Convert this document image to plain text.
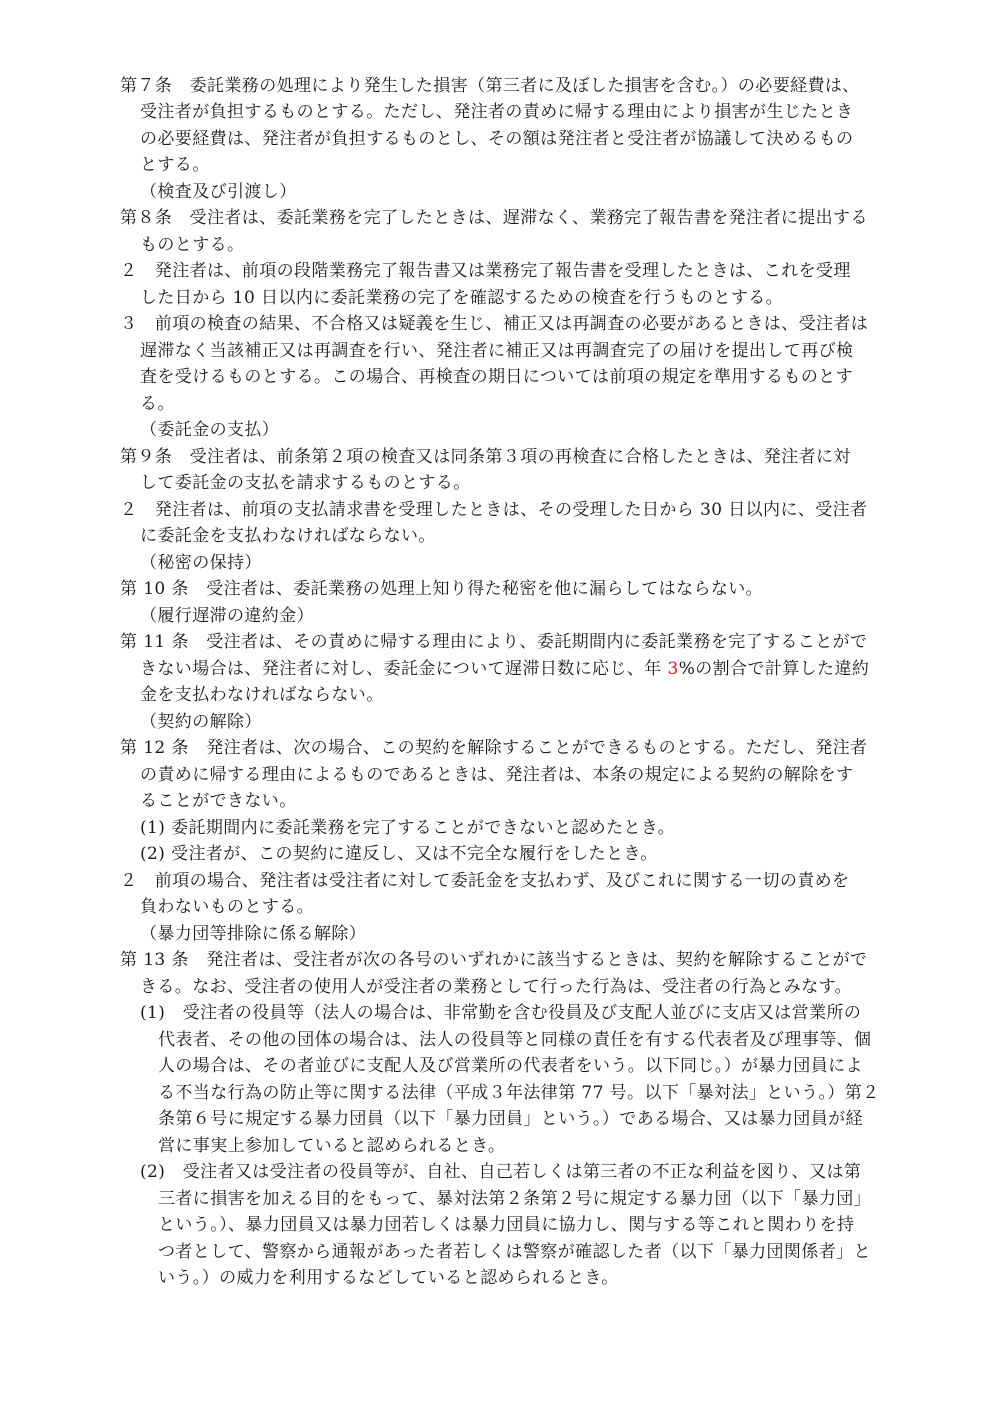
第７条　委託業務の処理により発生した損害（第三者に及ぼした損害を含む。）の必要経費は、
受注者が負担するものとする。ただし、発注者の責めに帰する理由により損害が生じたとき
の必要経費は、発注者が負担するものとし、その額は発注者と受注者が協議して決めるもの
とする。
（検査及び引渡し）
第８条　受注者は、委託業務を完了したときは、遅滞なく、業務完了報告書を発注者に提出する
ものとする。
２　発注者は、前項の段階業務完了報告書又は業務完了報告書を受理したときは、これを受理
した日から 10 日以内に委託業務の完了を確認するための検査を行うものとする。
３　前項の検査の結果、不合格又は疑義を生じ、補正又は再調査の必要があるときは、受注者は
遅滞なく当該補正又は再調査を行い、発注者に補正又は再調査完了の届けを提出して再び検
査を受けるものとする。この場合、再検査の期日については前項の規定を準用するものとす
る。
（委託金の支払）
第９条　受注者は、前条第２項の検査又は同条第３項の再検査に合格したときは、発注者に対
して委託金の支払を請求するものとする。
２　発注者は、前項の支払請求書を受理したときは、その受理した日から 30 日以内に、受注者
に委託金を支払わなければならない。
（秘密の保持）
第 10 条　受注者は、委託業務の処理上知り得た秘密を他に漏らしてはならない。
（履行遅滞の違約金）
第 11 条　受注者は、その責めに帰する理由により、委託期間内に委託業務を完了することがで
きない場合は、発注者に対し、委託金について遅滞日数に応じ、年 3%の割合で計算した違約
金を支払わなければならない。
（契約の解除）
第 12 条　発注者は、次の場合、この契約を解除することができるものとする。ただし、発注者
の責めに帰する理由によるものであるときは、発注者は、本条の規定による契約の解除をす
ることができない。
(1) 委託期間内に委託業務を完了することができないと認めたとき。
(2) 受注者が、この契約に違反し、又は不完全な履行をしたとき。
２　前項の場合、発注者は受注者に対して委託金を支払わず、及びこれに関する一切の責めを
負わないものとする。
（暴力団等排除に係る解除）
第 13 条　発注者は、受注者が次の各号のいずれかに該当するときは、契約を解除することがで
きる。なお、受注者の使用人が受注者の業務として行った行為は、受注者の行為とみなす。
(1)　受注者の役員等（法人の場合は、非常勤を含む役員及び支配人並びに支店又は営業所の
代表者、その他の団体の場合は、法人の役員等と同様の責任を有する代表者及び理事等、個
人の場合は、その者並びに支配人及び営業所の代表者をいう。以下同じ。）が暴力団員によ
る不当な行為の防止等に関する法律（平成３年法律第 77 号。以下「暴対法」という。）第２
条第６号に規定する暴力団員（以下「暴力団員」という。）である場合、又は暴力団員が経
営に事実上参加していると認められるとき。
(2)　受注者又は受注者の役員等が、自社、自己若しくは第三者の不正な利益を図り、又は第
三者に損害を加える目的をもって、暴対法第２条第２号に規定する暴力団（以下「暴力団」
という。）、暴力団員又は暴力団若しくは暴力団員に協力し、関与する等これと関わりを持
つ者として、警察から通報があった者若しくは警察が確認した者（以下「暴力団関係者」と
いう。）の威力を利用するなどしていると認められるとき。
